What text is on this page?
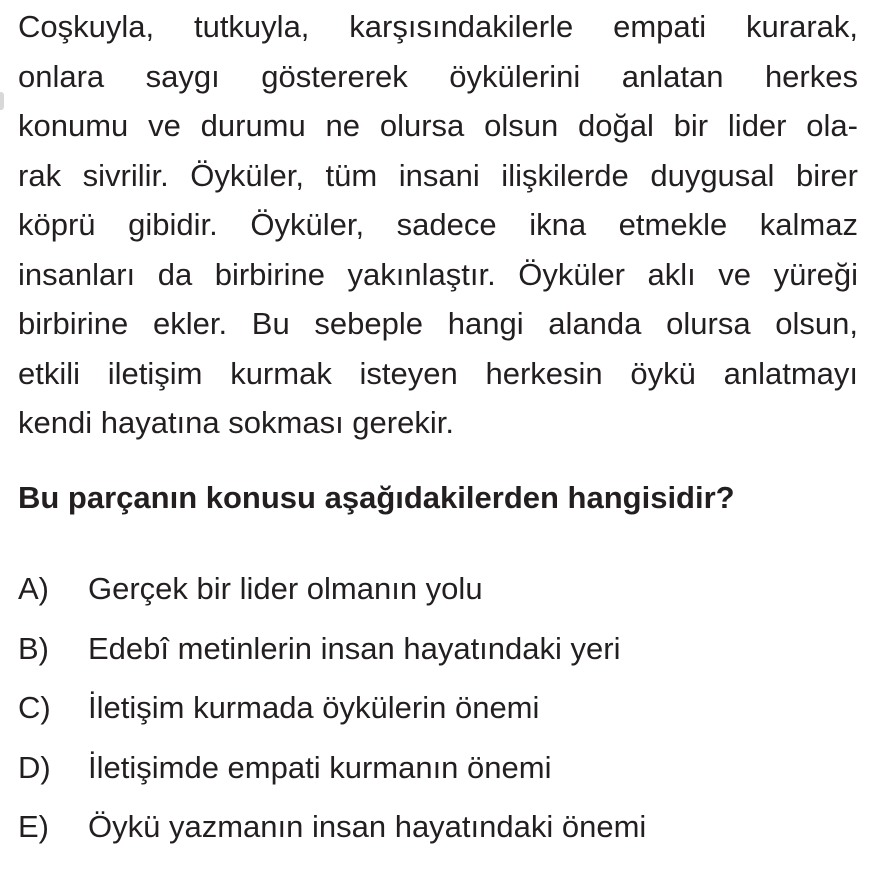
Coşkuyla, tutkuyla, karşısındakilerle empati kurarak,
onlara saygı göstererek öykülerini anlatan herkes
konumu ve durumu ne olursa olsun doğal bir lider ola-
rak sivrilir. Öyküler, tüm insani ilişkilerde duygusal birer
köprü gibidir. Öyküler, sadece ikna etmekle kalmaz
insanları da birbirine yakınlaştır. Öyküler aklı ve yüreği
birbirine ekler. Bu sebeple hangi alanda olursa olsun,
etkili iletişim kurmak isteyen herkesin öykü anlatmayı
kendi hayatına sokması gerekir.

Bu parçanın konusu aşağıdakilerden hangisidir?

A)	Gerçek bir lider olmanın yolu
B)	Edebî metinlerin insan hayatındaki yeri
C)	İletişim kurmada öykülerin önemi
D)	İletişimde empati kurmanın önemi
E)	Öykü yazmanın insan hayatındaki önemi
